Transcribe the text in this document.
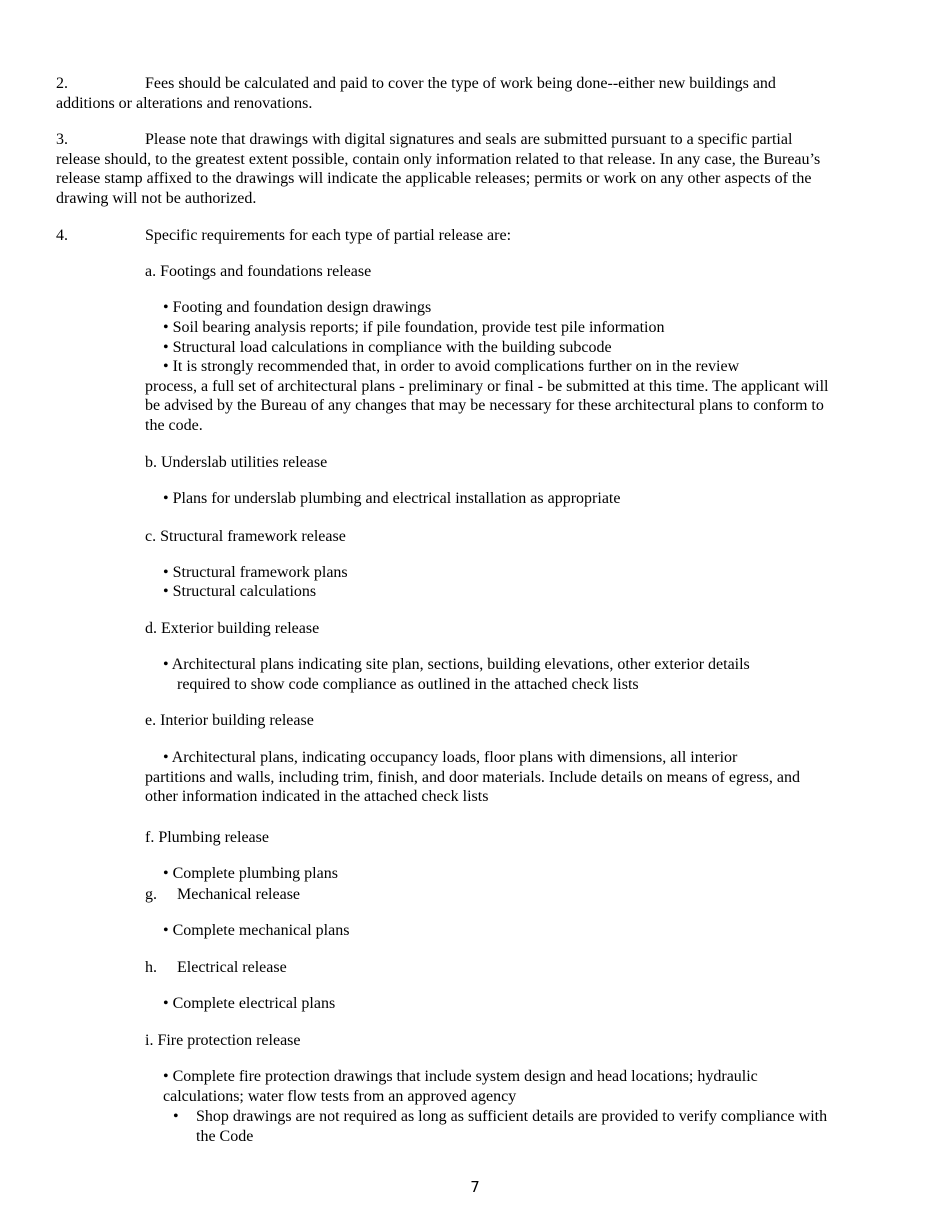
2.	Fees should be calculated and paid to cover the type of work being done--either new buildings and
additions or alterations and renovations.
3.	Please note that drawings with digital signatures and seals are submitted pursuant to a specific partial
release should, to the greatest extent possible, contain only information related to that release. In any case, the Bureau’s release stamp affixed to the drawings will indicate the applicable releases; permits or work on any other aspects of the drawing will not be authorized.
4.	Specific requirements for each type of partial release are:
a. Footings and foundations release
• Footing and foundation design drawings
• Soil bearing analysis reports; if pile foundation, provide test pile information
• Structural load calculations in compliance with the building subcode
• It is strongly recommended that, in order to avoid complications further on in the review
process, a full set of architectural plans - preliminary or final - be submitted at this time. The applicant will be advised by the Bureau of any changes that may be necessary for these architectural plans to conform to the code.
b. Underslab utilities release
• Plans for underslab plumbing and electrical installation as appropriate
c. Structural framework release
• Structural framework plans
• Structural calculations
d. Exterior building release
• Architectural plans indicating site plan, sections, building elevations, other exterior details
required to show code compliance as outlined in the attached check lists
e. Interior building release
• Architectural plans, indicating occupancy loads, floor plans with dimensions, all interior
partitions and walls, including trim, finish, and door materials. Include details on means of egress, and other information indicated in the attached check lists
f. Plumbing release
• Complete plumbing plans
g. Mechanical release
• Complete mechanical plans
h. Electrical release
• Complete electrical plans
i. Fire protection release
• Complete fire protection drawings that include system design and head locations; hydraulic
calculations; water flow tests from an approved agency
• Shop drawings are not required as long as sufficient details are provided to verify compliance with
the Code
7
